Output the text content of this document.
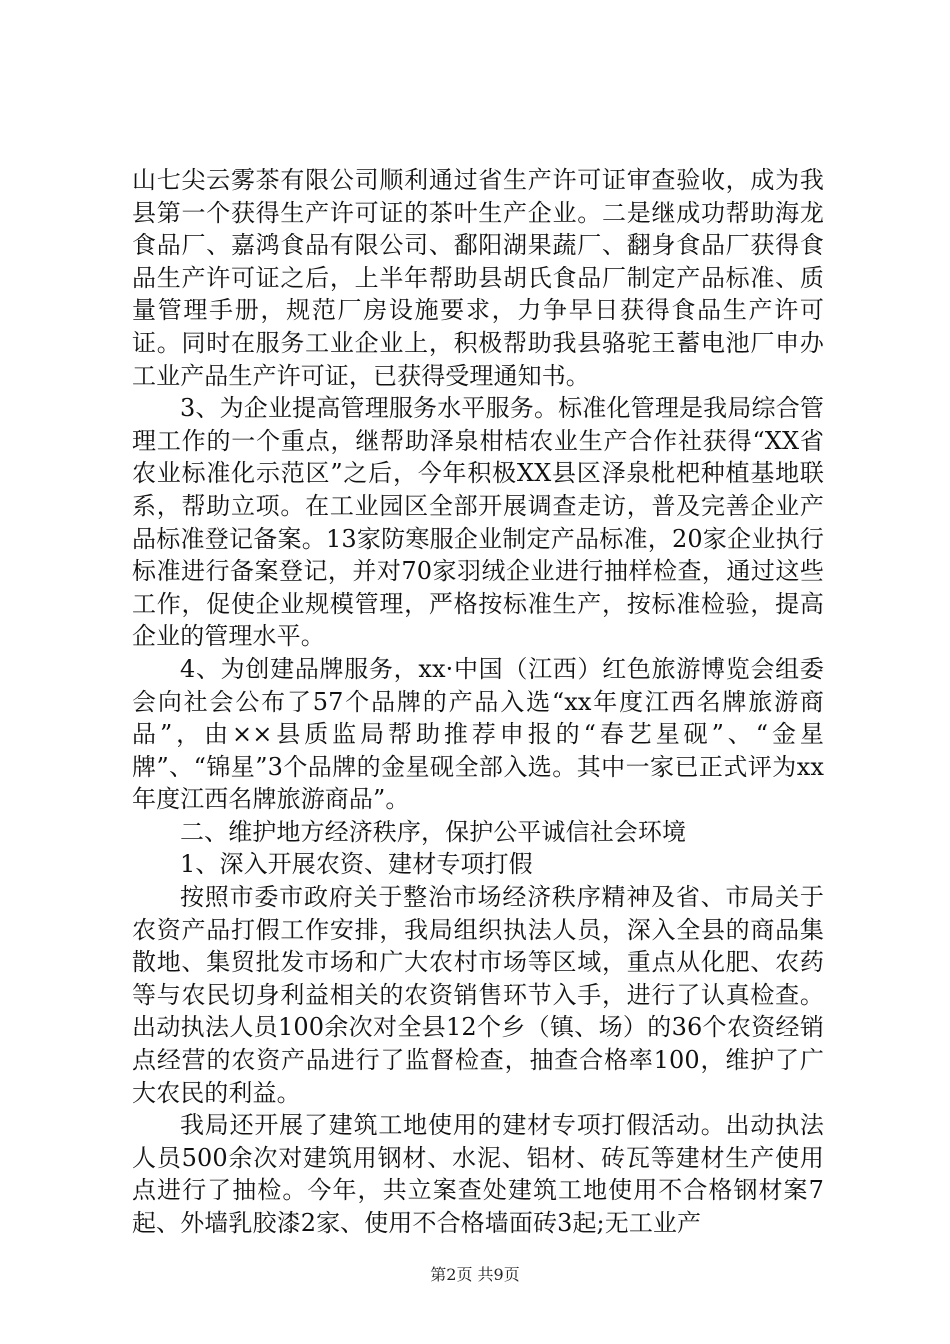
山七尖云雾茶有限公司顺利通过省生产许可证审查验收，成为我县第一个获得生产许可证的茶叶生产企业。二是继成功帮助海龙食品厂、嘉鸿食品有限公司、鄱阳湖果蔬厂、翻身食品厂获得食品生产许可证之后，上半年帮助县胡氏食品厂制定产品标准、质量管理手册，规范厂房设施要求，力争早日获得食品生产许可证。同时在服务工业企业上，积极帮助我县骆驼王蓄电池厂申办工业产品生产许可证，已获得受理通知书。

3、为企业提高管理服务水平服务。标准化管理是我局综合管理工作的一个重点，继帮助泽泉柑桔农业生产合作社获得“XX省农业标准化示范区”之后，今年积极XX县区泽泉枇杷种植基地联系，帮助立项。在工业园区全部开展调查走访，普及完善企业产品标准登记备案。13家防寒服企业制定产品标准，20家企业执行标准进行备案登记，并对70家羽绒企业进行抽样检查，通过这些工作，促使企业规模管理，严格按标准生产，按标准检验，提高企业的管理水平。

4、为创建品牌服务，xx·中国（江西）红色旅游博览会组委会向社会公布了57个品牌的产品入选“xx年度江西名牌旅游商品”，由××县质监局帮助推荐申报的“春艺星砚”、“金星牌”、“锦星”3个品牌的金星砚全部入选。其中一家已正式评为xx年度江西名牌旅游商品”。

二、维护地方经济秩序，保护公平诚信社会环境

1、深入开展农资、建材专项打假

按照市委市政府关于整治市场经济秩序精神及省、市局关于农资产品打假工作安排，我局组织执法人员，深入全县的商品集散地、集贸批发市场和广大农村市场等区域，重点从化肥、农药等与农民切身利益相关的农资销售环节入手，进行了认真检查。出动执法人员100余次对全县12个乡（镇、场）的36个农资经销点经营的农资产品进行了监督检查，抽查合格率100，维护了广大农民的利益。

我局还开展了建筑工地使用的建材专项打假活动。出动执法人员500余次对建筑用钢材、水泥、铝材、砖瓦等建材生产使用点进行了抽检。今年，共立案查处建筑工地使用不合格钢材案7起、外墙乳胶漆2家、使用不合格墙面砖3起;无工业产

第2页 共9页
